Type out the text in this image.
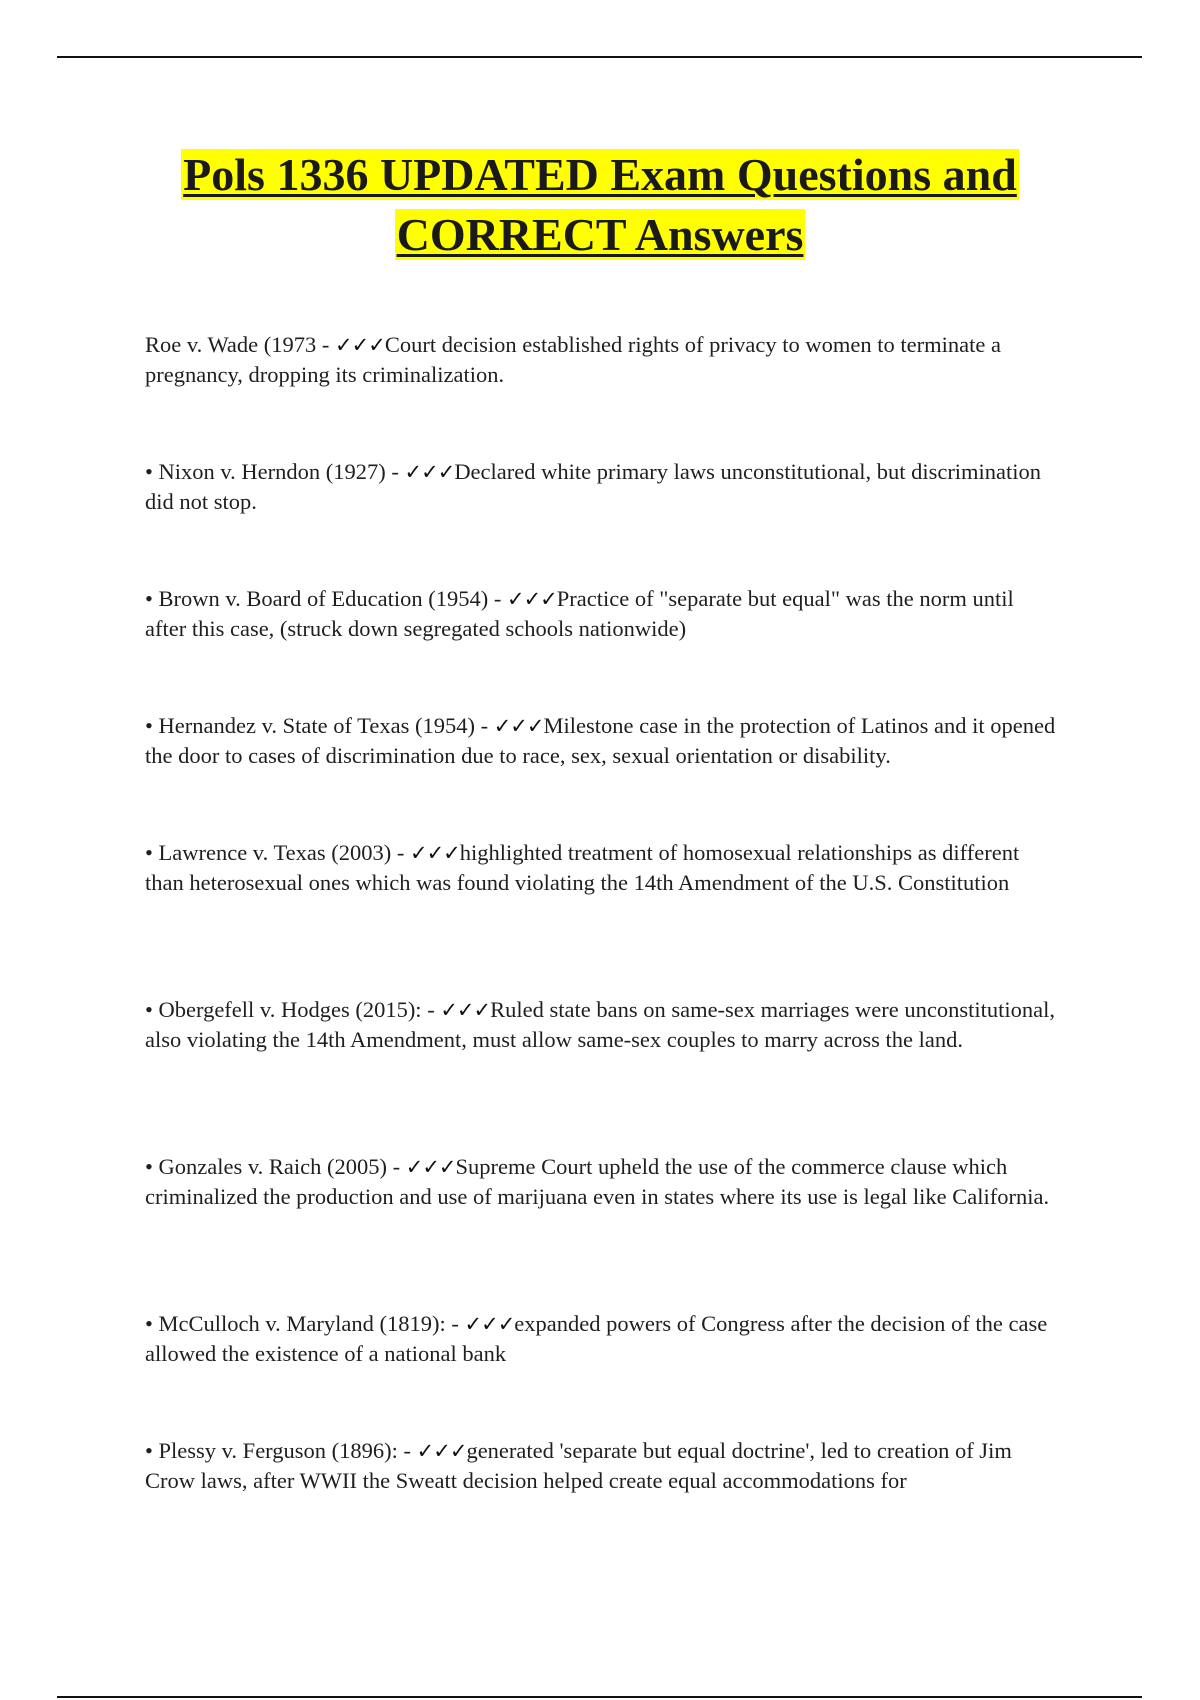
Pols 1336 UPDATED Exam Questions and
CORRECT Answers
Roe v. Wade (1973 - ✓✓✓Court decision established rights of privacy to women to terminate a pregnancy, dropping its criminalization.
• Nixon v. Herndon (1927) - ✓✓✓Declared white primary laws unconstitutional, but discrimination did not stop.
• Brown v. Board of Education (1954) - ✓✓✓Practice of "separate but equal" was the norm until after this case, (struck down segregated schools nationwide)
• Hernandez v. State of Texas (1954) - ✓✓✓Milestone case in the protection of Latinos and it opened the door to cases of discrimination due to race, sex, sexual orientation or disability.
• Lawrence v. Texas (2003) - ✓✓✓highlighted treatment of homosexual relationships as different than heterosexual ones which was found violating the 14th Amendment of the U.S. Constitution
• Obergefell v. Hodges (2015): - ✓✓✓Ruled state bans on same-sex marriages were unconstitutional, also violating the 14th Amendment, must allow same-sex couples to marry across the land.
• Gonzales v. Raich (2005) - ✓✓✓Supreme Court upheld the use of the commerce clause which criminalized the production and use of marijuana even in states where its use is legal like California.
• McCulloch v. Maryland (1819): - ✓✓✓expanded powers of Congress after the decision of the case allowed the existence of a national bank
• Plessy v. Ferguson (1896): - ✓✓✓generated 'separate but equal doctrine', led to creation of Jim Crow laws, after WWII the Sweatt decision helped create equal accommodations for
